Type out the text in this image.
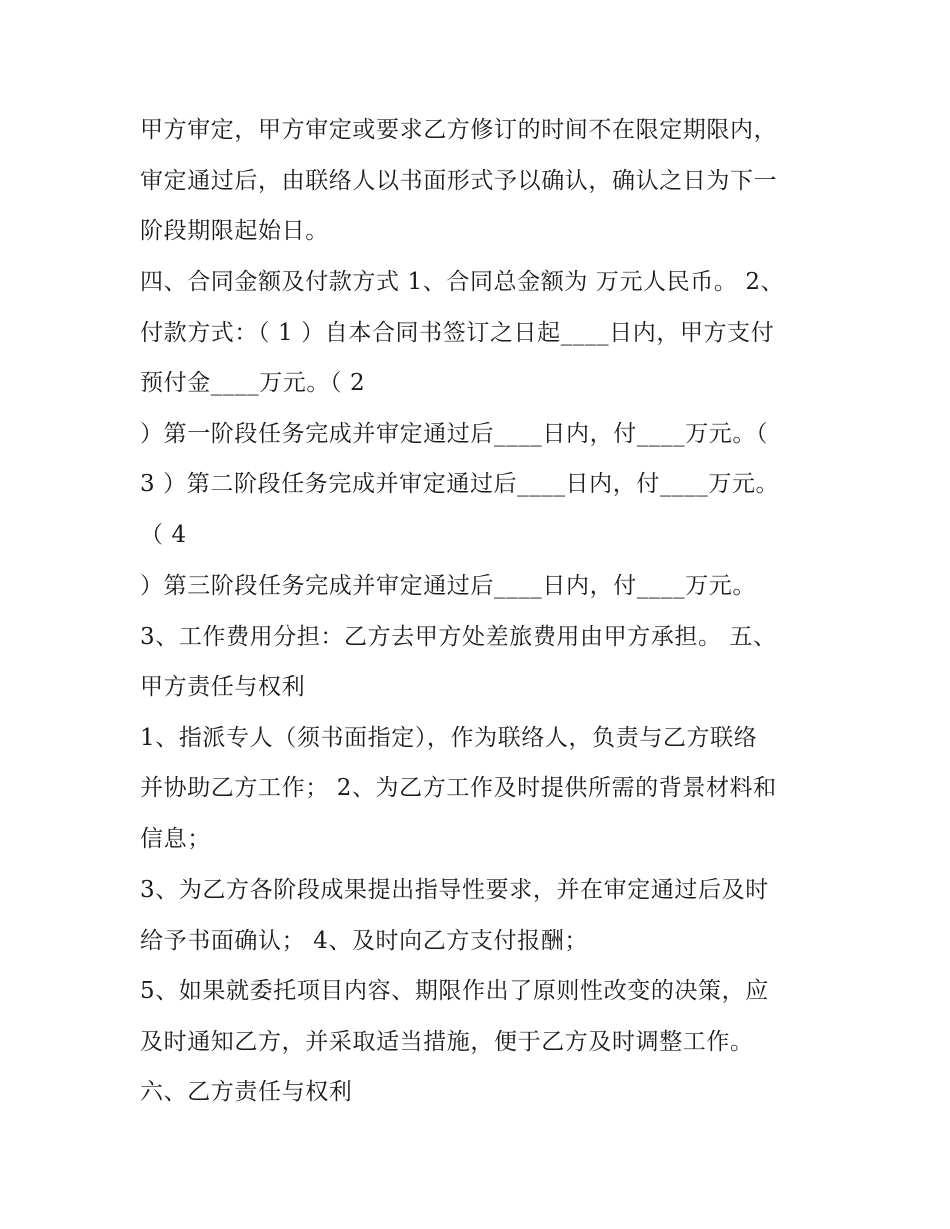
甲方审定，甲方审定或要求乙方修订的时间不在限定期限内，
审定通过后，由联络人以书面形式予以确认，确认之日为下一
阶段期限起始日。
四、合同金额及付款方式 1、合同总金额为 万元人民币。 2、
付款方式：（ 1 ）自本合同书签订之日起____日内，甲方支付
预付金____万元。（ 2
）第一阶段任务完成并审定通过后____日内，付____万元。（
3 ）第二阶段任务完成并审定通过后____日内，付____万元。
（ 4
）第三阶段任务完成并审定通过后____日内，付____万元。
3、工作费用分担：乙方去甲方处差旅费用由甲方承担。 五、
甲方责任与权利
1、指派专人（须书面指定），作为联络人，负责与乙方联络
并协助乙方工作； 2、为乙方工作及时提供所需的背景材料和
信息；
3、为乙方各阶段成果提出指导性要求，并在审定通过后及时
给予书面确认； 4、及时向乙方支付报酬；
5、如果就委托项目内容、期限作出了原则性改变的决策，应
及时通知乙方，并采取适当措施，便于乙方及时调整工作。
六、乙方责任与权利
